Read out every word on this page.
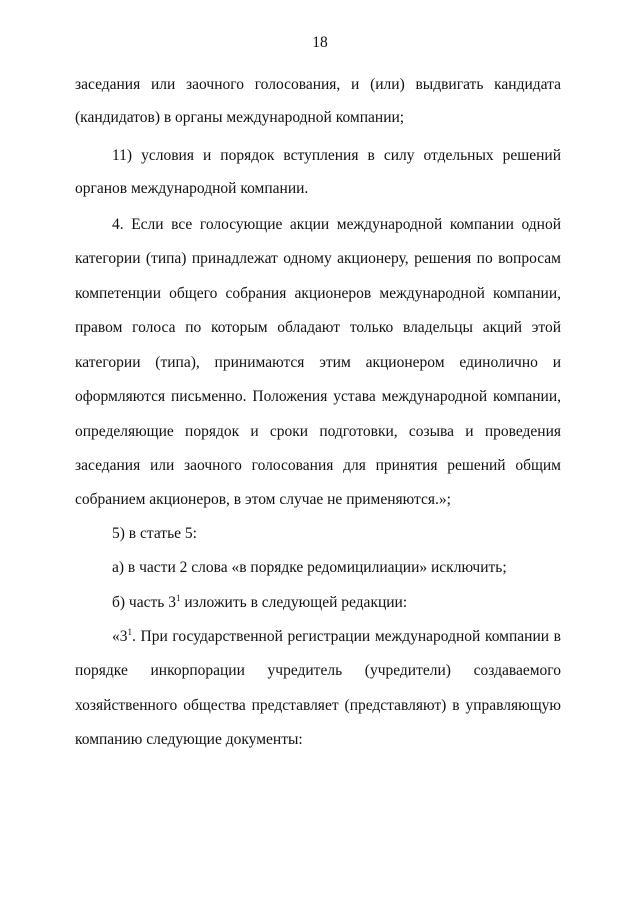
18
заседания или заочного голосования, и (или) выдвигать кандидата
(кандидатов) в органы международной компании;
11) условия и порядок вступления в силу отдельных решений
органов международной компании.
4. Если все голосующие акции международной компании одной
категории (типа) принадлежат одному акционеру, решения по вопросам
компетенции общего собрания акционеров международной компании,
правом голоса по которым обладают только владельцы акций этой
категории (типа), принимаются этим акционером единолично и
оформляются письменно. Положения устава международной компании,
определяющие порядок и сроки подготовки, созыва и проведения
заседания или заочного голосования для принятия решений общим
собранием акционеров, в этом случае не применяются.»;
5) в статье 5:
а) в части 2 слова «в порядке редомицилиации» исключить;
б) часть $3^1$ изложить в следующей редакции:
«$3^1$. При государственной регистрации международной компании в
порядке инкорпорации учредитель (учредители) создаваемого
хозяйственного общества представляет (представляют) в управляющую
компанию следующие документы:
